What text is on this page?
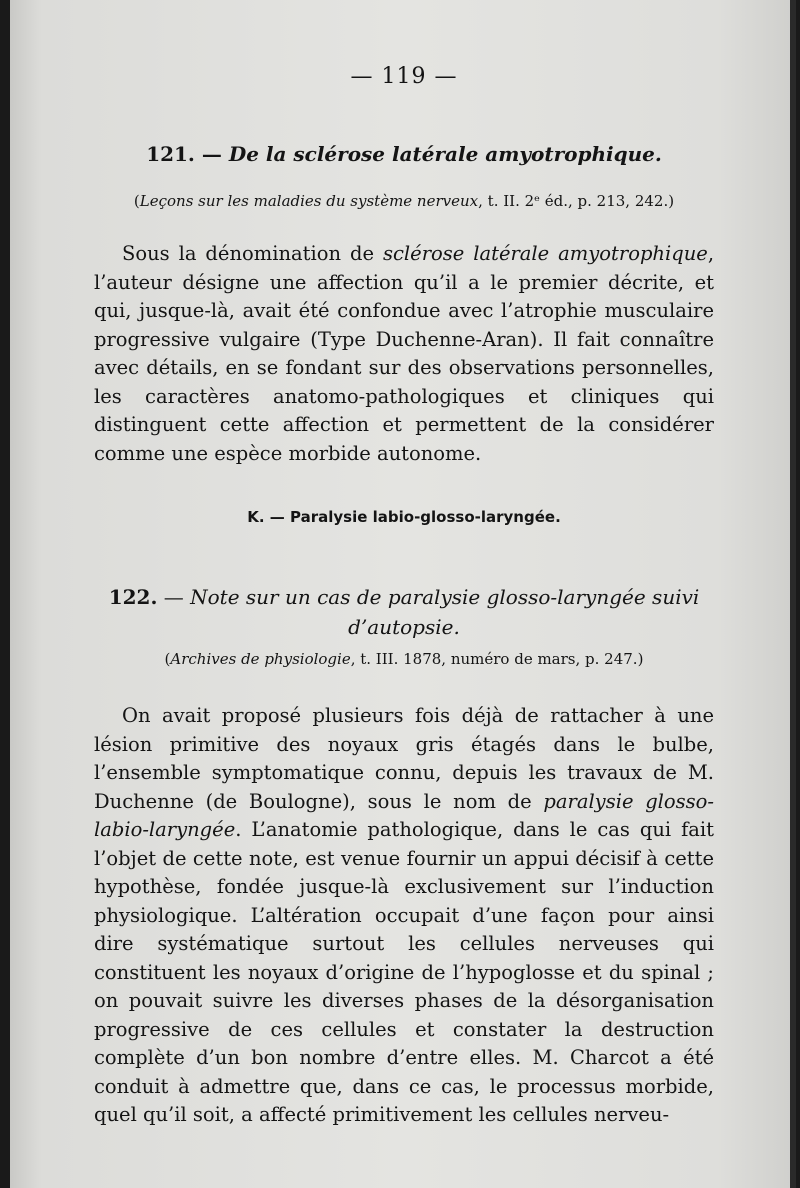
— 119 —
121. — De la sclérose latérale amyotrophique.
(Leçons sur les maladies du système nerveux, t. II. 2ᵉ éd., p. 213, 242.)
Sous la dénomination de sclérose latérale amyotrophique, l’auteur désigne une affection qu’il a le premier décrite, et qui, jusque-là, avait été confondue avec l’atrophie musculaire progressive vulgaire (Type Duchenne-Aran). Il fait connaître avec détails, en se fondant sur des observations personnelles, les caractères anatomo-pathologiques et cliniques qui distinguent cette affection et permettent de la considérer comme une espèce morbide autonome.
K. — Paralysie labio-glosso-laryngée.
122. — Note sur un cas de paralysie glosso-laryngée suivi d’autopsie.
(Archives de physiologie, t. III. 1878, numéro de mars, p. 247.)
On avait proposé plusieurs fois déjà de rattacher à une lésion primitive des noyaux gris étagés dans le bulbe, l’ensemble symptomatique connu, depuis les travaux de M. Duchenne (de Boulogne), sous le nom de paralysie glosso-labio-laryngée. L’anatomie pathologique, dans le cas qui fait l’objet de cette note, est venue fournir un appui décisif à cette hypothèse, fondée jusque-là exclusivement sur l’induction physiologique. L’altération occupait d’une façon pour ainsi dire systématique surtout les cellules nerveuses qui constituent les noyaux d’origine de l’hypoglosse et du spinal ; on pouvait suivre les diverses phases de la désorganisation progressive de ces cellules et constater la destruction complète d’un bon nombre d’entre elles. M. Charcot a été conduit à admettre que, dans ce cas, le processus morbide, quel qu’il soit, a affecté primitivement les cellules nerveu-
